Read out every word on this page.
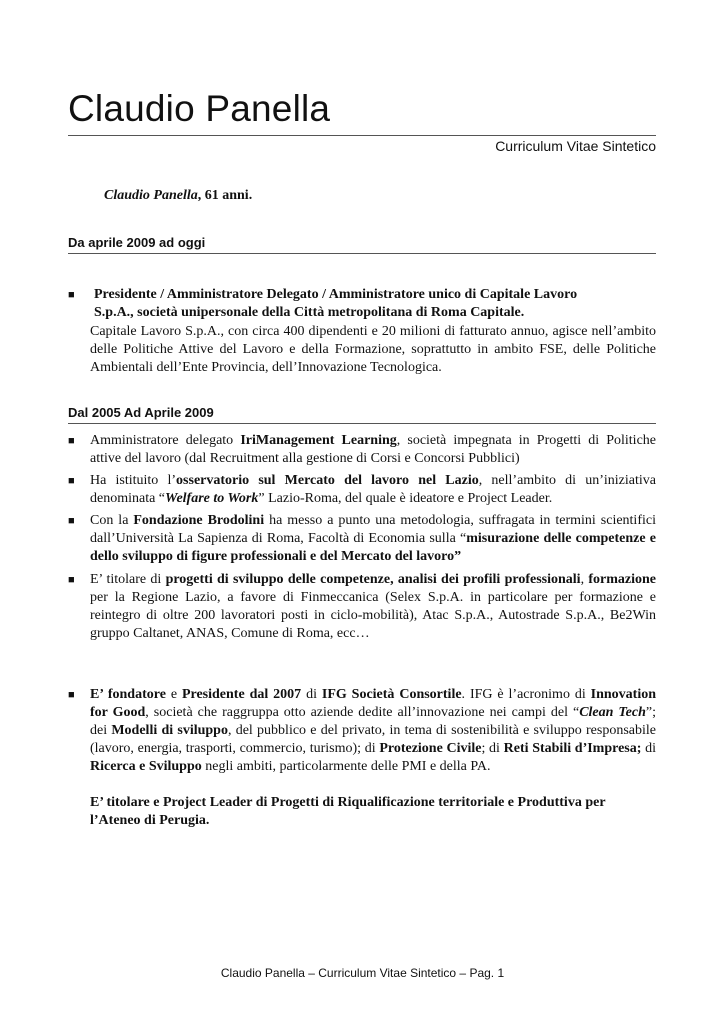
Claudio Panella
Curriculum Vitae Sintetico
Claudio Panella, 61 anni.
Da aprile 2009 ad oggi
■	Presidente / Amministratore Delegato / Amministratore unico di Capitale Lavoro
S.p.A., società unipersonale della Città metropolitana di Roma Capitale.
Capitale Lavoro S.p.A., con circa 400 dipendenti e 20 milioni di fatturato annuo, agisce nell’ambito delle Politiche Attive del Lavoro e della Formazione, soprattutto in ambito FSE, delle Politiche Ambientali dell’Ente Provincia, dell’Innovazione Tecnologica.
Dal 2005 Ad Aprile 2009
■	Amministratore delegato IriManagement Learning, società impegnata in Progetti di Politiche attive del lavoro (dal Recruitment alla gestione di Corsi e Concorsi Pubblici)
■	Ha istituito l’osservatorio sul Mercato del lavoro nel Lazio, nell’ambito di un’iniziativa denominata “Welfare to Work” Lazio-Roma, del quale è ideatore e Project Leader.
■	Con la Fondazione Brodolini ha messo a punto una metodologia, suffragata in termini scientifici dall’Università La Sapienza di Roma, Facoltà di Economia sulla “misurazione delle competenze e dello sviluppo di figure professionali e del Mercato del lavoro”
■	E’ titolare di progetti di sviluppo delle competenze, analisi dei profili professionali, formazione per la Regione Lazio, a favore di Finmeccanica (Selex S.p.A. in particolare per formazione e reintegro di oltre 200 lavoratori posti in ciclo-mobilità), Atac S.p.A., Autostrade S.p.A., Be2Win gruppo Caltanet, ANAS, Comune di Roma, ecc…
■	E’ fondatore e Presidente dal 2007 di IFG Società Consortile. IFG è l’acronimo di Innovation for Good, società che raggruppa otto aziende dedite all’innovazione nei campi del “Clean Tech”; dei Modelli di sviluppo, del pubblico e del privato, in tema di sostenibilità e sviluppo responsabile (lavoro, energia, trasporti, commercio, turismo); di Protezione Civile; di Reti Stabili d’Impresa; di Ricerca e Sviluppo negli ambiti, particolarmente delle PMI e della PA.
E’ titolare e Project Leader di Progetti di Riqualificazione territoriale e Produttiva per l’Ateneo di Perugia.
Claudio Panella – Curriculum Vitae Sintetico – Pag. 1
